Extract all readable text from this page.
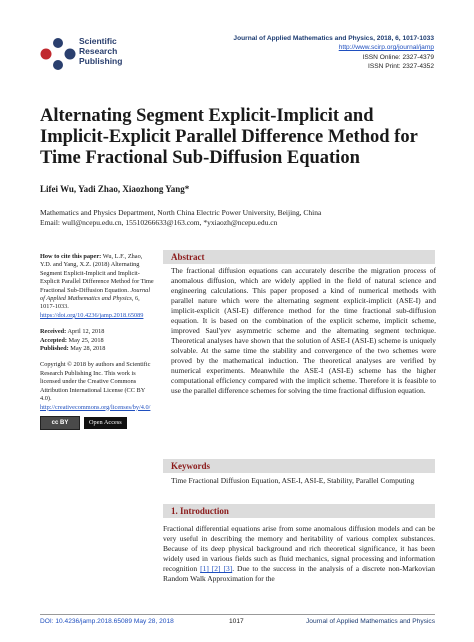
Scientific
Research
Publishing
Journal of Applied Mathematics and Physics, 2018, 6, 1017-1033
http://www.scirp.org/journal/jamp
ISSN Online: 2327-4379
ISSN Print: 2327-4352
Alternating Segment Explicit-Implicit and Implicit-Explicit Parallel Difference Method for Time Fractional Sub-Diffusion Equation
Lifei Wu, Yadi Zhao, Xiaozhong Yang*
Mathematics and Physics Department, North China Electric Power University, Beijing, China
Email: wull@ncepu.edu.cn, 15510266633@163.com, *yxiaozh@ncepu.edu.cn
How to cite this paper: Wu, L.F., Zhao, Y.D. and Yang, X.Z. (2018) Alternating Segment Explicit-Implicit and Implicit-Explicit Parallel Difference Method for Time Fractional Sub-Diffusion Equation. Journal of Applied Mathematics and Physics, 6, 1017-1033. https://doi.org/10.4236/jamp.2018.65089

Received: April 12, 2018

Accepted: May 25, 2018

Published: May 28, 2018

Copyright © 2018 by authors and Scientific Research Publishing Inc. This work is licensed under the Creative Commons Attribution International License (CC BY 4.0). http://creativecommons.org/licenses/by/4.0/
cc BY	Open Access
Abstract
The fractional diffusion equations can accurately describe the migration process of anomalous diffusion, which are widely applied in the field of natural science and engineering calculations. This paper proposed a kind of numerical methods with parallel nature which were the alternating segment explicit-implicit (ASE-I) and implicit-explicit (ASI-E) difference method for the time fractional sub-diffusion equation. It is based on the combination of the explicit scheme, implicit scheme, improved Saul'yev asymmetric scheme and the alternating segment technique. Theoretical analyses have shown that the solution of ASE-I (ASI-E) scheme is uniquely solvable. At the same time the stability and convergence of the two schemes were proved by the mathematical induction. The theoretical analyses are verified by numerical experiments. Meanwhile the ASE-I (ASI-E) scheme has the higher computational efficiency compared with the implicit scheme. Therefore it is feasible to use the parallel difference schemes for solving the time fractional diffusion equation.
Keywords
Time Fractional Diffusion Equation, ASE-I, ASI-E, Stability, Parallel Computing
1. Introduction
Fractional differential equations arise from some anomalous diffusion models and can be very useful in describing the memory and heritability of various complex substances. Because of its deep physical background and rich theoretical significance, it has been widely used in various fields such as fluid mechanics, signal processing and information recognition [1] [2] [3]. Due to the success in the analysis of a discrete non-Markovian Random Walk Approximation for the
DOI: 10.4236/jamp.2018.65089 May 28, 2018	1017	Journal of Applied Mathematics and Physics
